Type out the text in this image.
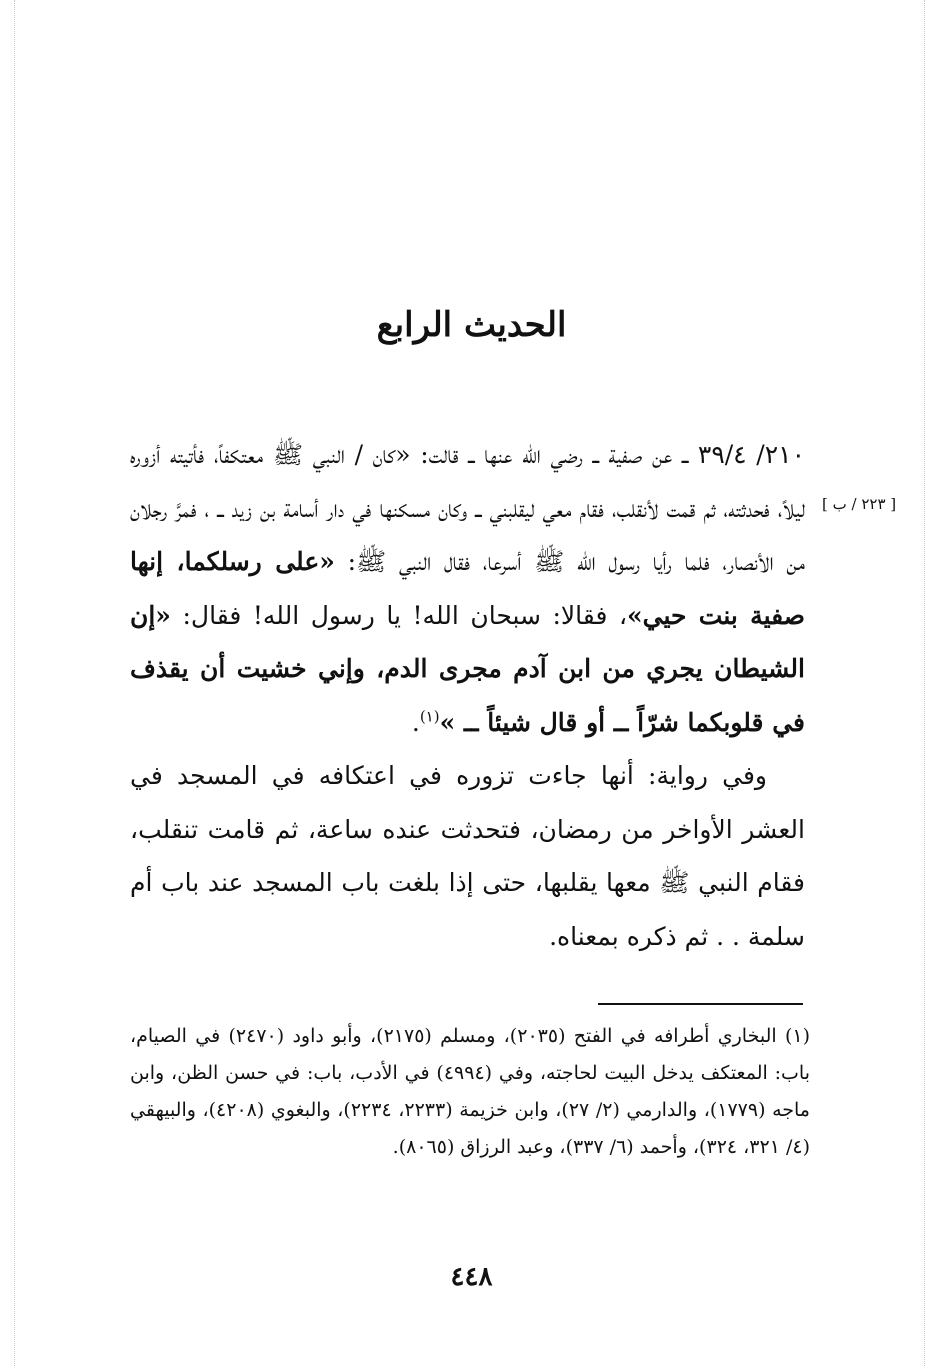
الحديث الرابع
[ ٢٢٣ / ب ]

٢١٠/ ٣٩/٤ ــ عن صفية ــ رضي الله عنها ــ قالت: «كان / النبي ﷺ معتكفاً، فأتيته أزوره ليلاً، فحدثته، ثم قمت لأنقلب، فقام معي ليقلبني ــ وكان مسكنها في دار أسامة بن زيد ــ ، فمرَّ رجلان من الأنصار، فلما رأيا رسول الله ﷺ أسرعا، فقال النبي ﷺ: «على رسلكما، إنها صفية بنت حيي»، فقالا: سبحان الله! يا رسول الله! فقال: «إن الشيطان يجري من ابن آدم مجرى الدم، وإني خشيت أن يقذف في قلوبكما شرّاً ــ أو قال شيئاً ــ »$^{(١)}$.

وفي رواية: أنها جاءت تزوره في اعتكافه في المسجد في العشر الأواخر من رمضان، فتحدثت عنده ساعة، ثم قامت تنقلب، فقام النبي ﷺ معها يقلبها، حتى إذا بلغت باب المسجد عند باب أم سلمة . . ثم ذكره بمعناه.

(١) البخاري أطرافه في الفتح (٢٠٣٥)، ومسلم (٢١٧٥)، وأبو داود (٢٤٧٠) في الصيام، باب: المعتكف يدخل البيت لحاجته، وفي (٤٩٩٤) في الأدب، باب: في حسن الظن، وابن ماجه (١٧٧٩)، والدارمي (٢/ ٢٧)، وابن خزيمة (٢٢٣٣، ٢٢٣٤)، والبغوي (٤٢٠٨)، والبيهقي (٤/ ٣٢١، ٣٢٤)، وأحمد (٦/ ٣٣٧)، وعبد الرزاق (٨٠٦٥).

٤٤٨
